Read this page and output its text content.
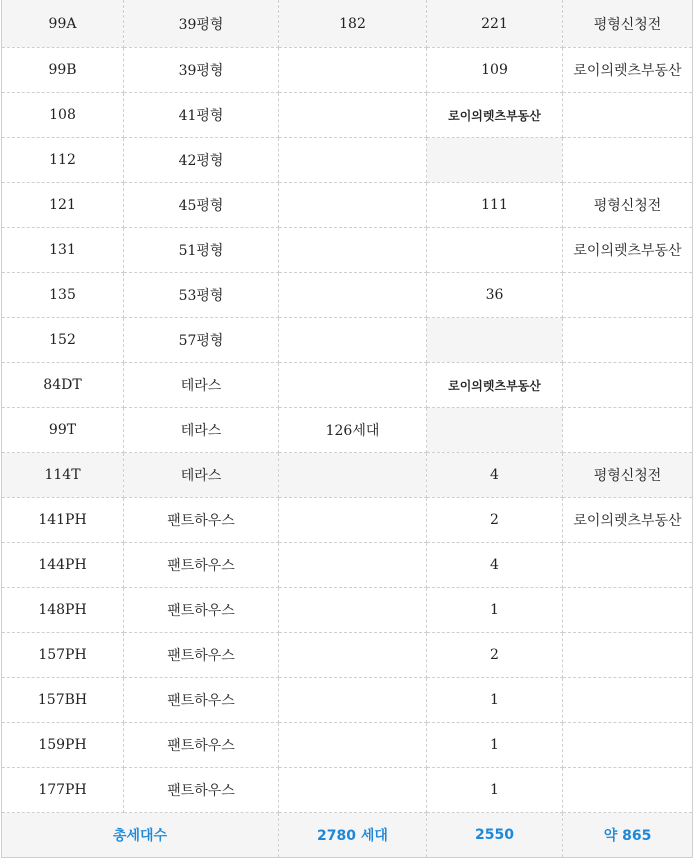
99A	39평형	182	221	평형신청전
99B	39평형		109	로이의렛츠부동산
108	41평형		로이의렛츠부동산	
112	42평형			
121	45평형		111	평형신청전
131	51평형			로이의렛츠부동산
135	53평형		36	
152	57평형			
84DT	테라스		로이의렛츠부동산	
99T	테라스	126세대		
114T	테라스		4	평형신청전
141PH	팬트하우스		2	로이의렛츠부동산
144PH	팬트하우스		4	
148PH	팬트하우스		1	
157PH	팬트하우스		2	
157BH	팬트하우스		1	
159PH	팬트하우스		1	
177PH	팬트하우스		1	
총세대수		2780 세대	2550	약 865
